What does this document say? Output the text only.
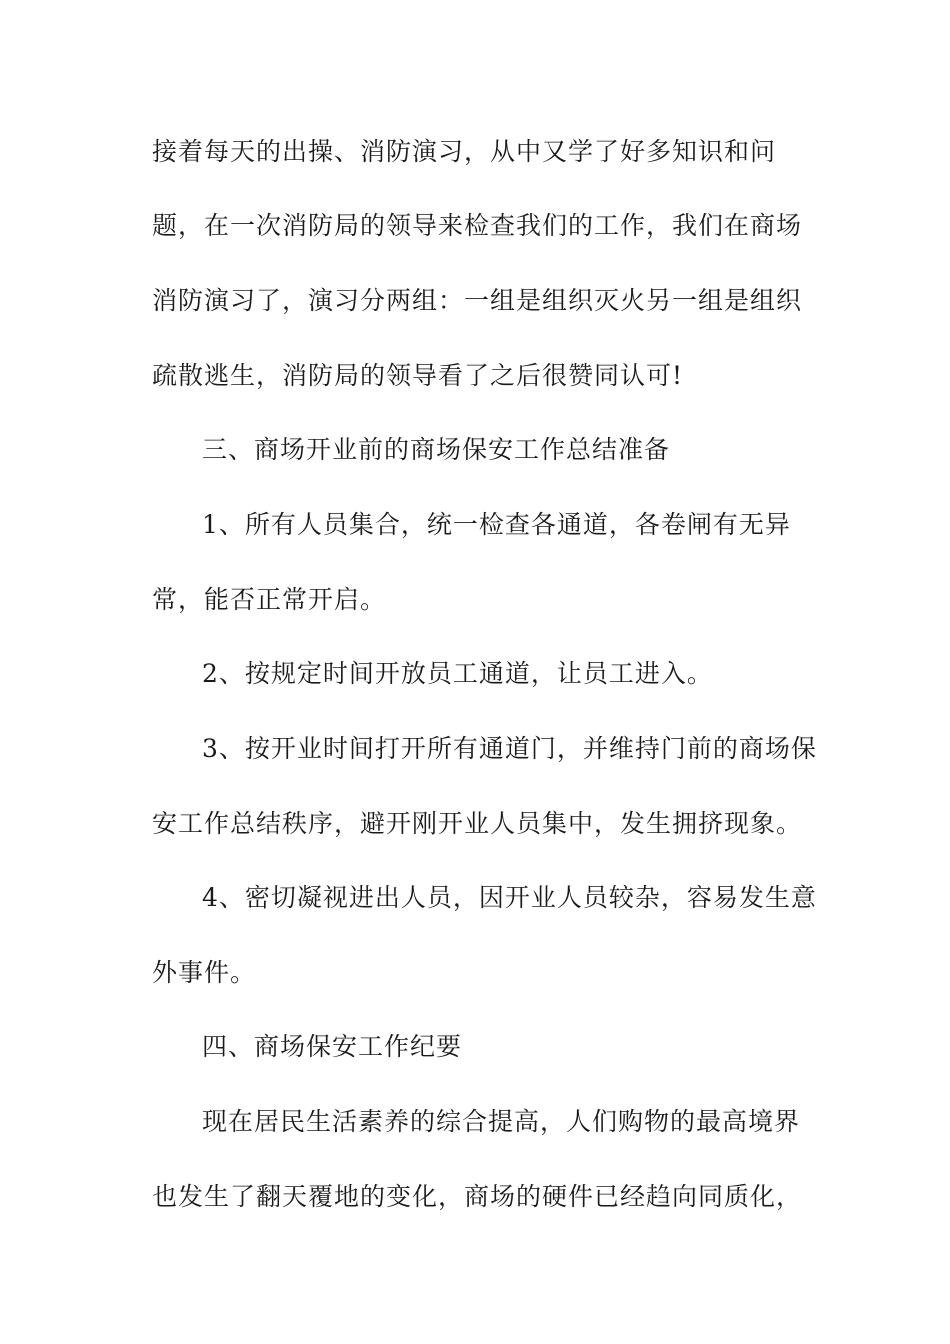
接着每天的出操、消防演习，从中又学了好多知识和问
题，在一次消防局的领导来检查我们的工作，我们在商场
消防演习了，演习分两组：一组是组织灭火另一组是组织
疏散逃生，消防局的领导看了之后很赞同认可!
三、商场开业前的商场保安工作总结准备
1、所有人员集合，统一检查各通道，各卷闸有无异
常，能否正常开启。
2、按规定时间开放员工通道，让员工进入。
3、按开业时间打开所有通道门，并维持门前的商场保
安工作总结秩序，避开刚开业人员集中，发生拥挤现象。
4、密切凝视进出人员，因开业人员较杂，容易发生意
外事件。
四、商场保安工作纪要
现在居民生活素养的综合提高，人们购物的最高境界
也发生了翻天覆地的变化，商场的硬件已经趋向同质化，
